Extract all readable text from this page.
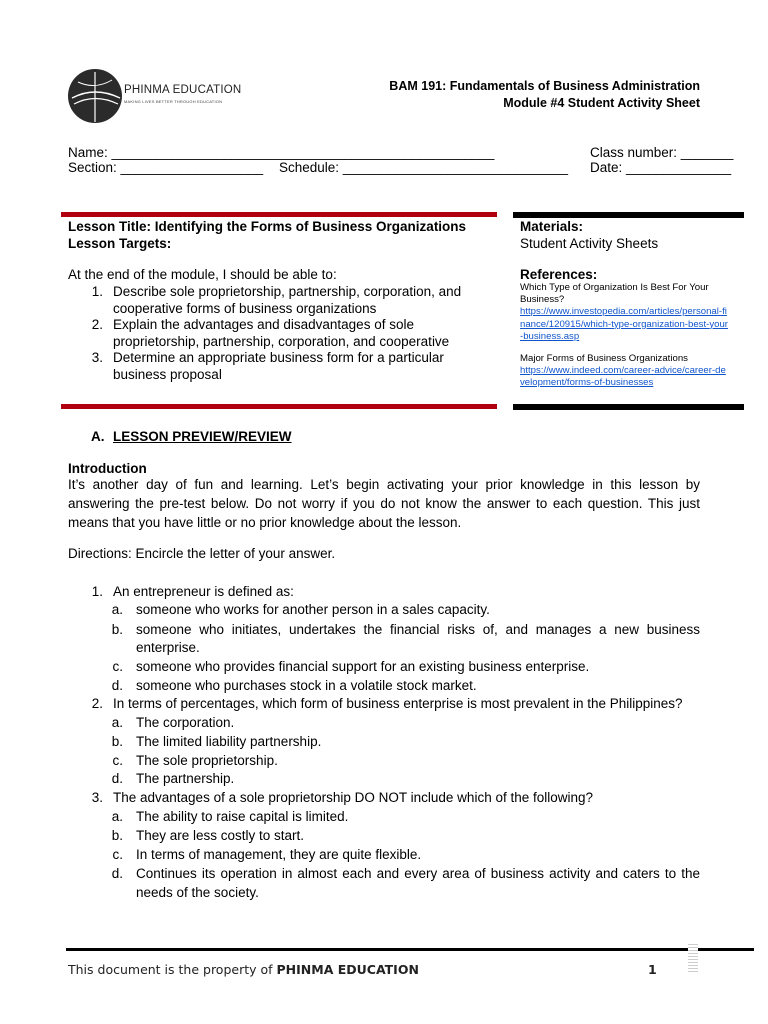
PHINMA EDUCATION
MAKING LIVES BETTER THROUGH EDUCATION
BAM 191: Fundamentals of Business Administration
Module #4 Student Activity Sheet
Name: ___________________________________________________	Class number: _______
Section: ___________________ Schedule: ______________________________ Date: ______________
Lesson Title: Identifying the Forms of Business Organizations
Lesson Targets:
At the end of the module, I should be able to:
1. Describe sole proprietorship, partnership, corporation, and
cooperative forms of business organizations
2. Explain the advantages and disadvantages of sole
proprietorship, partnership, corporation, and cooperative
3. Determine an appropriate business form for a particular
business proposal
Materials:
Student Activity Sheets
References:
Which Type of Organization Is Best For Your
Business?
https://www.investopedia.com/articles/personal-fi
nance/120915/which-type-organization-best-your
-business.asp
Major Forms of Business Organizations
https://www.indeed.com/career-advice/career-de
velopment/forms-of-businesses
A. LESSON PREVIEW/REVIEW
Introduction
It’s another day of fun and learning. Let’s begin activating your prior knowledge in this lesson by
answering the pre-test below. Do not worry if you do not know the answer to each question. This just
means that you have little or no prior knowledge about the lesson.
Directions: Encircle the letter of your answer.
1. An entrepreneur is defined as:
a. someone who works for another person in a sales capacity.
b. someone who initiates, undertakes the financial risks of, and manages a new business
enterprise.
c. someone who provides financial support for an existing business enterprise.
d. someone who purchases stock in a volatile stock market.
2. In terms of percentages, which form of business enterprise is most prevalent in the Philippines?
a. The corporation.
b. The limited liability partnership.
c. The sole proprietorship.
d. The partnership.
3. The advantages of a sole proprietorship DO NOT include which of the following?
a. The ability to raise capital is limited.
b. They are less costly to start.
c. In terms of management, they are quite flexible.
d. Continues its operation in almost each and every area of business activity and caters to the
needs of the society.
This document is the property of PHINMA EDUCATION	1
